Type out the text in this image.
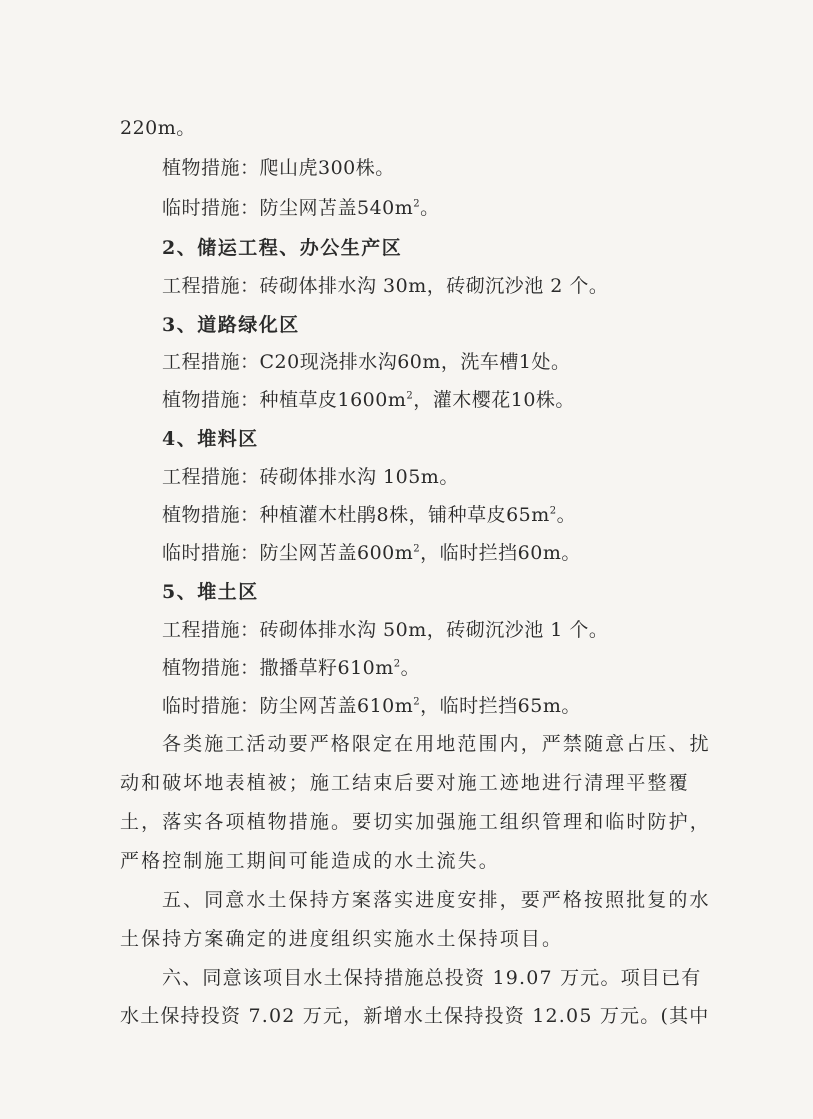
220m。
植物措施：爬山虎300株。
临时措施：防尘网苫盖$540m^2$。
2、储运工程、办公生产区
工程措施：砖砌体排水沟 30m，砖砌沉沙池 2 个。
3、道路绿化区
工程措施：C20现浇排水沟60m，洗车槽1处。
植物措施：种植草皮$1600m^2$，灌木樱花10株。
4、堆料区
工程措施：砖砌体排水沟 105m。
植物措施：种植灌木杜鹃8株，铺种草皮$65m^2$。
临时措施：防尘网苫盖$600m^2$，临时拦挡60m。
5、堆土区
工程措施：砖砌体排水沟 50m，砖砌沉沙池 1 个。
植物措施：撒播草籽$610m^2$。
临时措施：防尘网苫盖$610m^2$，临时拦挡65m。
各类施工活动要严格限定在用地范围内，严禁随意占压、扰
动和破坏地表植被；施工结束后要对施工迹地进行清理平整覆
土，落实各项植物措施。要切实加强施工组织管理和临时防护，
严格控制施工期间可能造成的水土流失。
五、同意水土保持方案落实进度安排，要严格按照批复的水
土保持方案确定的进度组织实施水土保持项目。
六、同意该项目水土保持措施总投资 19.07 万元。项目已有
水土保持投资 7.02 万元，新增水土保持投资 12.05 万元。(其中
